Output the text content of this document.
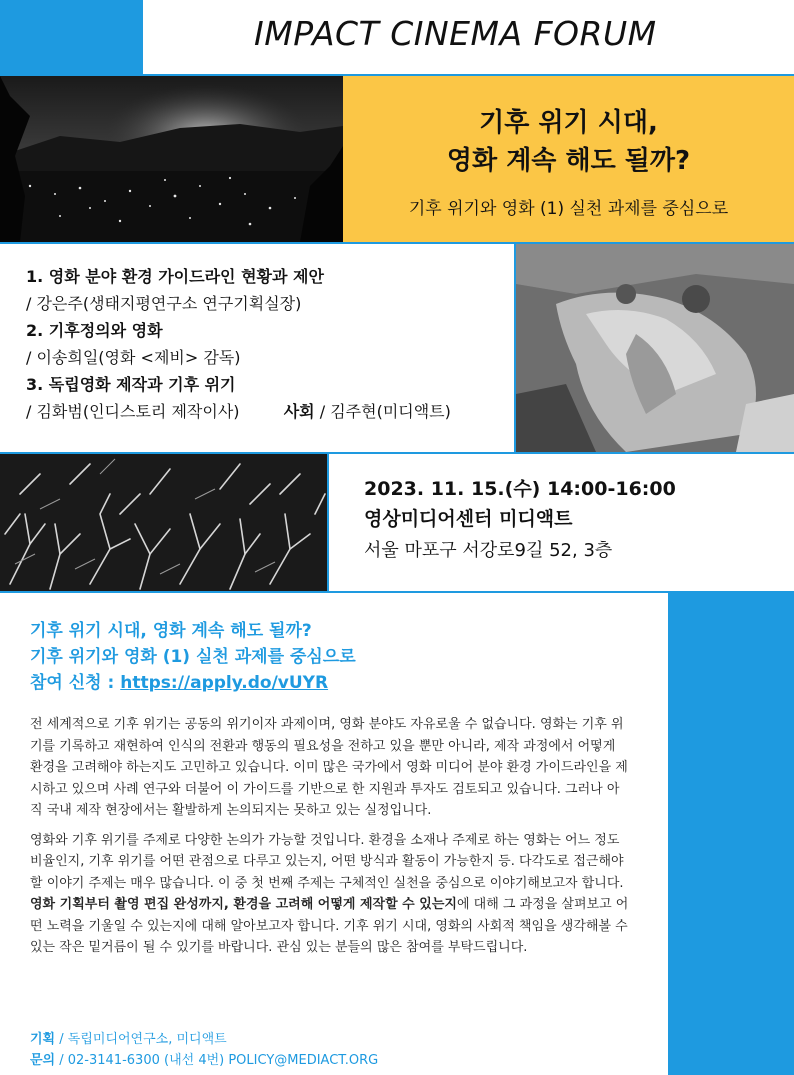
IMPACT CINEMA FORUM
기후 위기 시대,
영화 계속 해도 될까?
기후 위기와 영화 (1) 실천 과제를 중심으로
1. 영화 분야 환경 가이드라인 현황과 제안
/ 강은주(생태지평연구소 연구기획실장)
2. 기후정의와 영화
/ 이송희일(영화 <제비> 감독)
3. 독립영화 제작과 기후 위기
/ 김화범(인디스토리 제작이사)	사회 / 김주현(미디액트)
2023. 11. 15.(수) 14:00-16:00
영상미디어센터 미디액트
서울 마포구 서강로9길 52, 3층
기후 위기 시대, 영화 계속 해도 될까?
기후 위기와 영화 (1) 실천 과제를 중심으로
참여 신청 : https://apply.do/vUYR

전 세계적으로 기후 위기는 공동의 위기이자 과제이며, 영화 분야도 자유로울 수 없습니다. 영화는 기후 위기를 기록하고 재현하여 인식의 전환과 행동의 필요성을 전하고 있을 뿐만 아니라, 제작 과정에서 어떻게 환경을 고려해야 하는지도 고민하고 있습니다. 이미 많은 국가에서 영화 미디어 분야 환경 가이드라인을 제시하고 있으며 사례 연구와 더불어 이 가이드를 기반으로 한 지원과 투자도 검토되고 있습니다. 그러나 아직 국내 제작 현장에서는 활발하게 논의되지는 못하고 있는 실정입니다.

영화와 기후 위기를 주제로 다양한 논의가 가능할 것입니다. 환경을 소재나 주제로 하는 영화는 어느 정도 비율인지, 기후 위기를 어떤 관점으로 다루고 있는지, 어떤 방식과 활동이 가능한지 등. 다각도로 접근해야 할 이야기 주제는 매우 많습니다. 이 중 첫 번째 주제는 구체적인 실천을 중심으로 이야기해보고자 합니다. 영화 기획부터 촬영 편집 완성까지, 환경을 고려해 어떻게 제작할 수 있는지에 대해 그 과정을 살펴보고 어떤 노력을 기울일 수 있는지에 대해 알아보고자 합니다. 기후 위기 시대, 영화의 사회적 책임을 생각해볼 수 있는 작은 밑거름이 될 수 있기를 바랍니다. 관심 있는 분들의 많은 참여를 부탁드립니다.

기획 / 독립미디어연구소, 미디액트
문의 / 02-3141-6300 (내선 4번) POLICY@MEDIACT.ORG
